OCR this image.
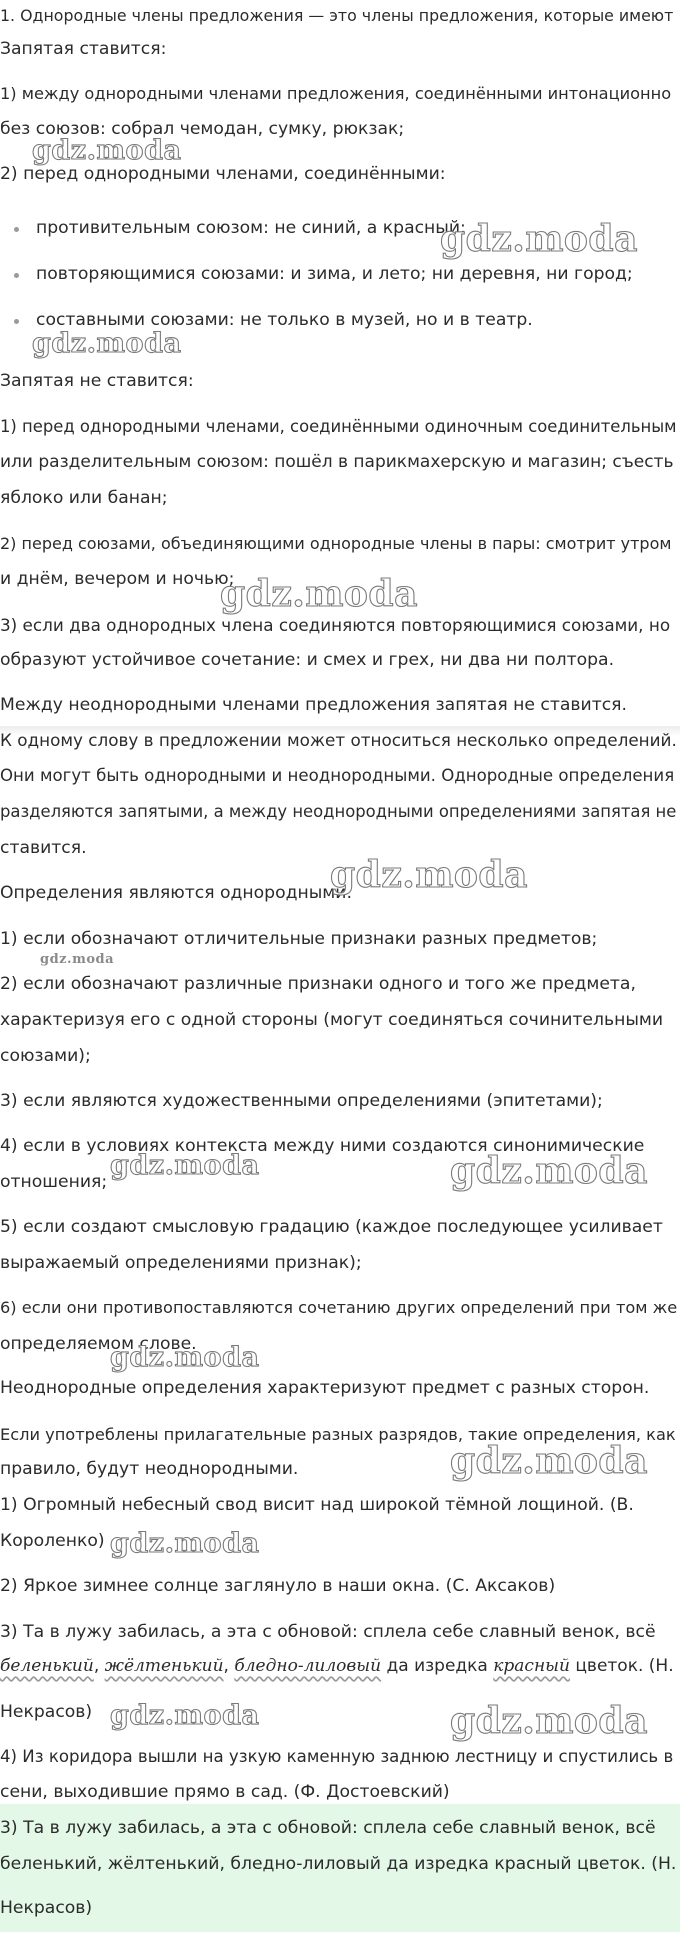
1. Однородные члены предложения — это члены предложения, которые имеют
Запятая ставится:
1) между однородными членами предложения, соединёнными интонационно
без союзов: собрал чемодан, сумку, рюкзак;
2) перед однородными членами, соединёнными:
противительным союзом: не синий, а красный;
повторяющимися союзами: и зима, и лето; ни деревня, ни город;
составными союзами: не только в музей, но и в театр.
Запятая не ставится:
1) перед однородными членами, соединёнными одиночным соединительным
или разделительным союзом: пошёл в парикмахерскую и магазин; съесть
яблоко или банан;
2) перед союзами, объединяющими однородные члены в пары: смотрит утром
и днём, вечером и ночью;
3) если два однородных члена соединяются повторяющимися союзами, но
образуют устойчивое сочетание: и смех и грех, ни два ни полтора.
Между неоднородными членами предложения запятая не ставится.
К одному слову в предложении может относиться несколько определений.
Они могут быть однородными и неоднородными. Однородные определения
разделяются запятыми, а между неоднородными определениями запятая не
ставится.
Определения являются однородными:
1) если обозначают отличительные признаки разных предметов;
2) если обозначают различные признаки одного и того же предмета,
характеризуя его с одной стороны (могут соединяться сочинительными
союзами);
3) если являются художественными определениями (эпитетами);
4) если в условиях контекста между ними создаются синонимические
отношения;
5) если создают смысловую градацию (каждое последующее усиливает
выражаемый определениями признак);
6) если они противопоставляются сочетанию других определений при том же
определяемом слове.
Неоднородные определения характеризуют предмет с разных сторон.
Если употреблены прилагательные разных разрядов, такие определения, как
правило, будут неоднородными.
1) Огромный небесный свод висит над широкой тёмной лощиной. (В.
Короленко)
2) Яркое зимнее солнце заглянуло в наши окна. (С. Аксаков)
3) Та в лужу забилась, а эта с обновой: сплела себе славный венок, всё
беленький, жёлтенький, бледно-лиловый да изредка красный цветок. (Н.
Некрасов)
4) Из коридора вышли на узкую каменную заднюю лестницу и спустились в
сени, выходившие прямо в сад. (Ф. Достоевский)
3) Та в лужу забилась, а эта с обновой: сплела себе славный венок, всё
беленький, жёлтенький, бледно-лиловый да изредка красный цветок. (Н.
Некрасов)
gdz.moda
gdz.moda
gdz.moda
gdz.moda
gdz.moda
gdz.moda
gdz.moda	gdz.moda
gdz.moda
gdz.moda
gdz.moda
gdz.moda	gdz.moda
